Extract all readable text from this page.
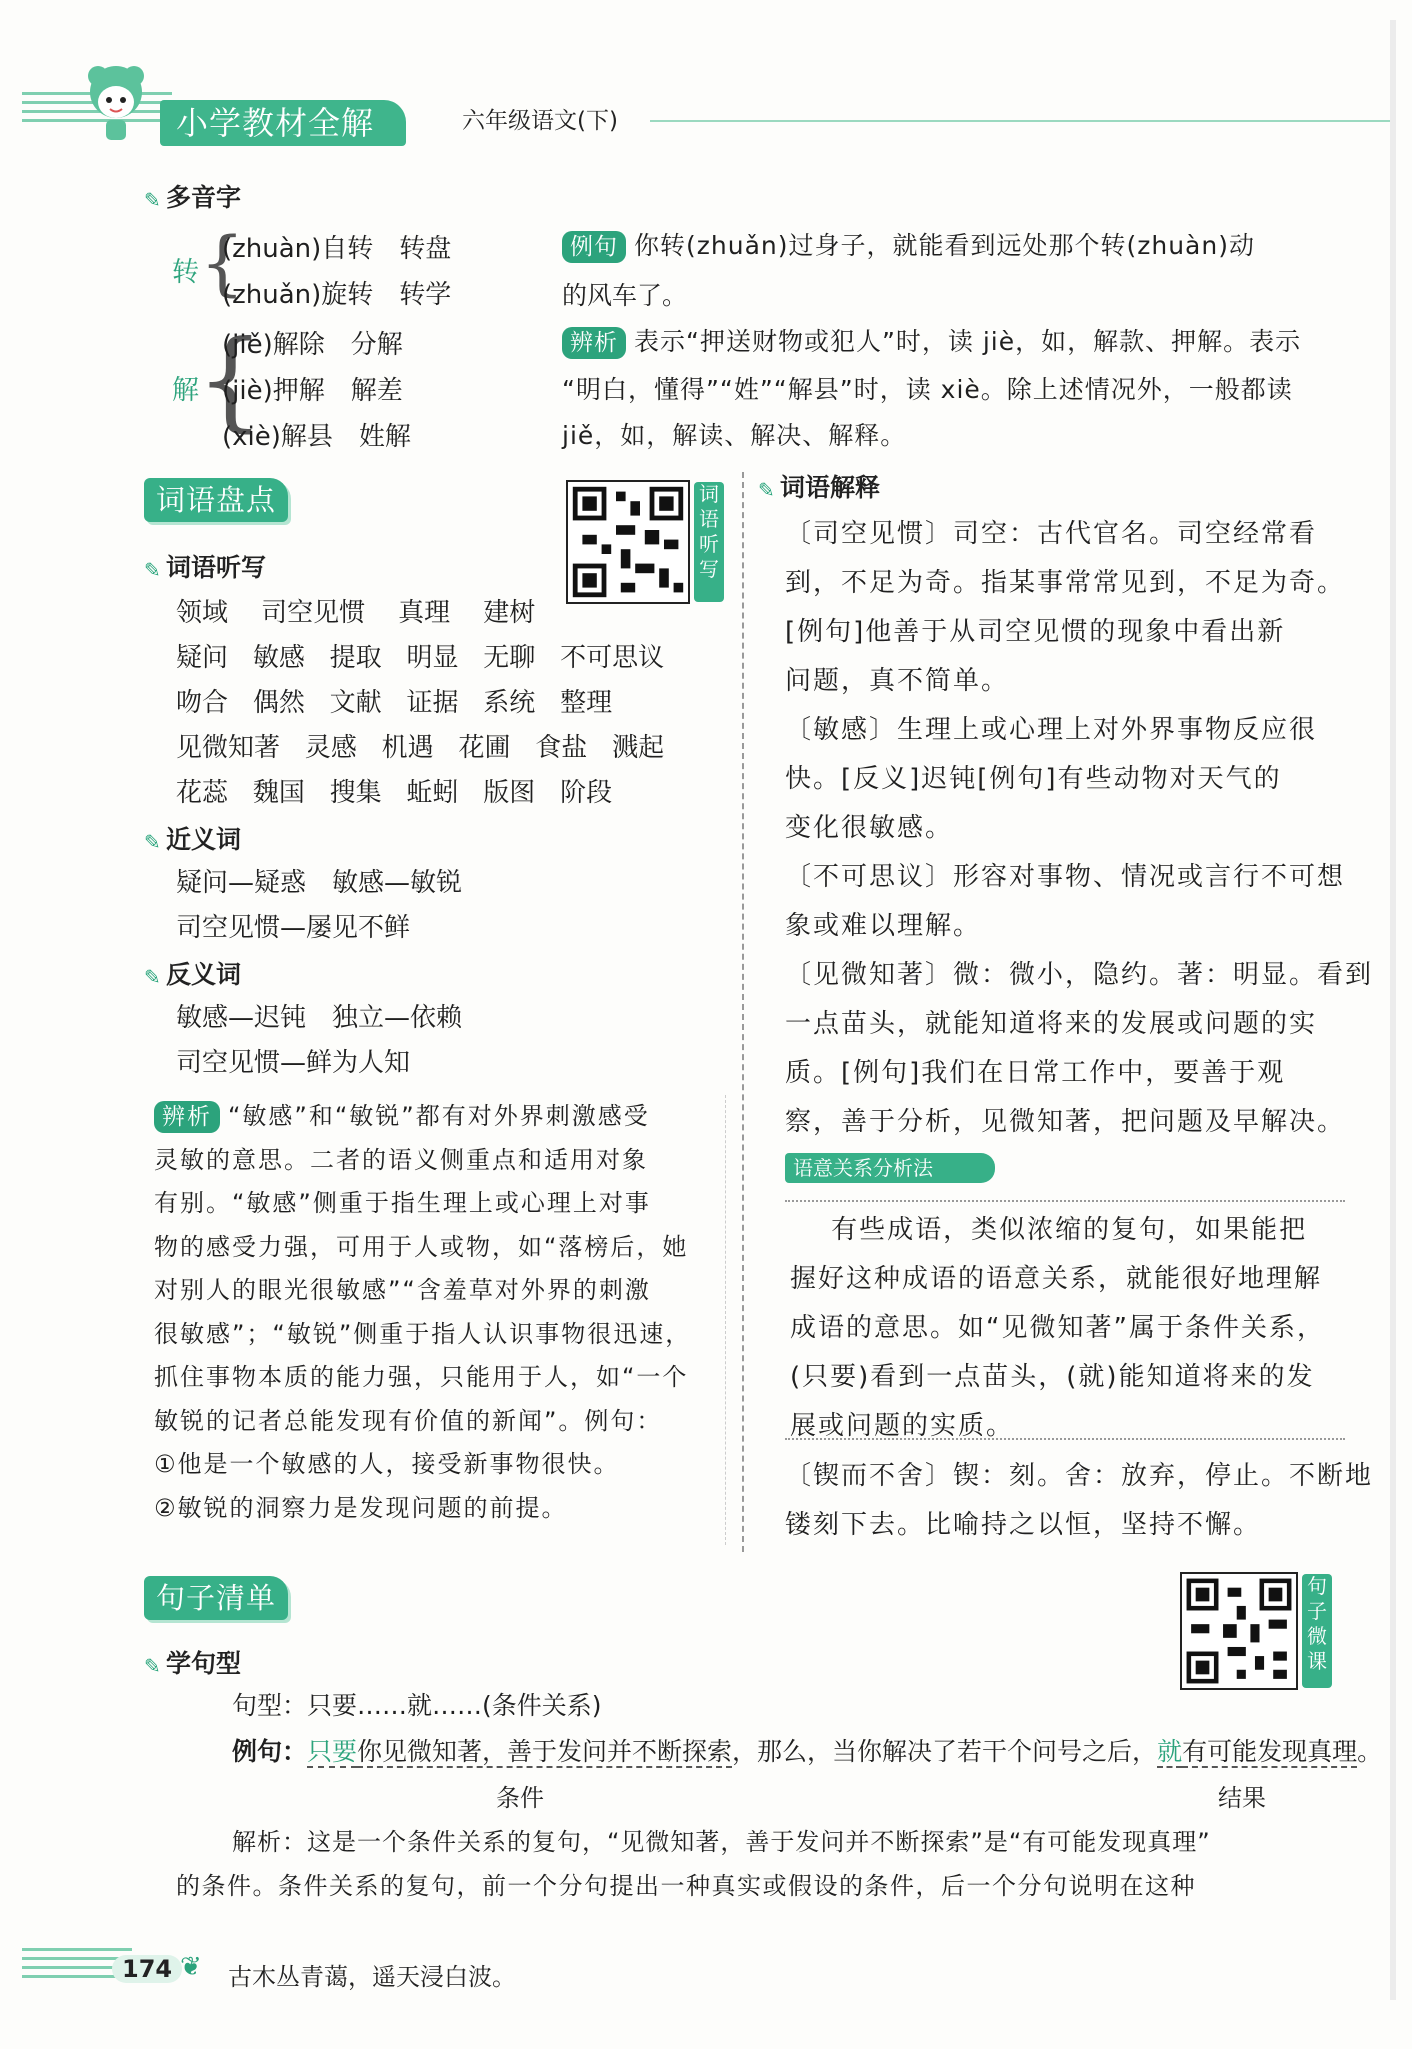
小学教材全解	六年级语文(下)
✎ 多音字
转 {
(zhuàn)自转　转盘
(zhuǎn)旋转　转学
解
{
(jiě)解除　分解
(jiè)押解　解差
(xiè)解县　姓解
例句 你转(zhuǎn)过身子，就能看到远处那个转(zhuàn)动
的风车了。
辨析 表示“押送财物或犯人”时，读 jiè，如，解款、押解。表示
“明白，懂得”“姓”“解县”时，读 xiè。除上述情况外，一般都读
jiě，如，解读、解决、解释。
词语盘点	词语听写
✎ 词语听写
领域 司空见惯 真理 建树
疑问 敏感 提取 明显 无聊 不可思议
吻合 偶然 文献 证据 系统 整理
见微知著 灵感 机遇 花圃 食盐 溅起
花蕊 魏国 搜集 蚯蚓 版图 阶段
✎ 近义词
疑问—疑惑　敏感—敏锐
司空见惯—屡见不鲜
✎ 反义词
敏感—迟钝　独立—依赖
司空见惯—鲜为人知

辨析 “敏感”和“敏锐”都有对外界刺激感受

灵敏的意思。二者的语义侧重点和适用对象

有别。“敏感”侧重于指生理上或心理上对事

物的感受力强，可用于人或物，如“落榜后，她

对别人的眼光很敏感”“含羞草对外界的刺激

很敏感”；“敏锐”侧重于指人认识事物很迅速，

抓住事物本质的能力强，只能用于人，如“一个

敏锐的记者总能发现有价值的新闻”。例句：

①他是一个敏感的人，接受新事物很快。

②敏锐的洞察力是发现问题的前提。

✎ 词语解释

〔司空见惯〕司空：古代官名。司空经常看

到，不足为奇。指某事常常见到，不足为奇。

[例句]他善于从司空见惯的现象中看出新

问题，真不简单。

〔敏感〕生理上或心理上对外界事物反应很

快。[反义]迟钝[例句]有些动物对天气的

变化很敏感。

〔不可思议〕形容对事物、情况或言行不可想

象或难以理解。

〔见微知著〕微：微小，隐约。著：明显。看到

一点苗头，就能知道将来的发展或问题的实

质。[例句]我们在日常工作中，要善于观

察，善于分析，见微知著，把问题及早解决。

语意关系分析法

有些成语，类似浓缩的复句，如果能把

握好这种成语的语意关系，就能很好地理解

成语的意思。如“见微知著”属于条件关系，

(只要)看到一点苗头，(就)能知道将来的发

展或问题的实质。

〔锲而不舍〕锲：刻。舍：放弃，停止。不断地

镂刻下去。比喻持之以恒，坚持不懈。

句子清单	句子微课
✎ 学句型
句型：只要……就……(条件关系)
例句：只要你见微知著，善于发问并不断探索，那么，当你解决了若干个问号之后，就有可能发现真理。
条件	结果
解析：这是一个条件关系的复句，“见微知著，善于发问并不断探索”是“有可能发现真理”
的条件。条件关系的复句，前一个分句提出一种真实或假设的条件，后一个分句说明在这种
174 ❦ 古木丛青蔼，遥天浸白波。
